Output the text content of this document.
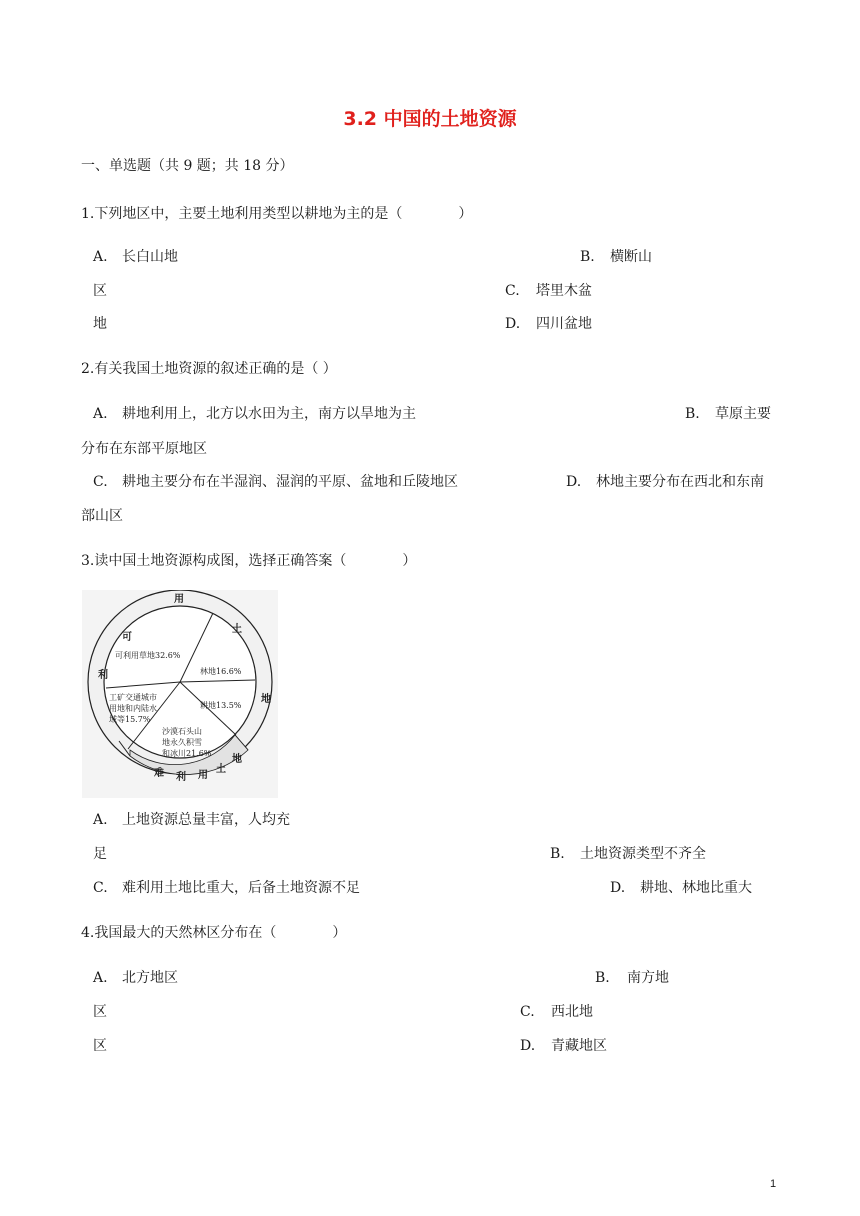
3.2 中国的土地资源
一、单选题（共 9 题；共 18 分）
1.下列地区中，主要土地利用类型以耕地为主的是（　　　　）
A. 长白山地	B. 横断山
区	C. 塔里木盆
地	D. 四川盆地
2.有关我国土地资源的叙述正确的是（ ）
A. 耕地利用上，北方以水田为主，南方以旱地为主	B. 草原主要
分布在东部平原地区
C. 耕地主要分布在半湿润、湿润的平原、盆地和丘陵地区	D. 林地主要分布在西北和东南
部山区
3.读中国土地资源构成图，选择正确答案（　　　　）
可
利
用
土
地
难 利 用
土
地
可利用草地32.6%
林地16.6%
耕地13.5%
沙漠石头山
地永久积雪
和冰川21.6%
工矿交通城市
用地和内陆水
域等15.7%
A. 上地资源总量丰富，人均充
足	B. 土地资源类型不齐全
C. 难利用土地比重大，后备土地资源不足	D. 耕地、林地比重大
4.我国最大的天然林区分布在（　　　　）
A. 北方地区	B. 南方地
区	C. 西北地
区	D. 青藏地区
1
